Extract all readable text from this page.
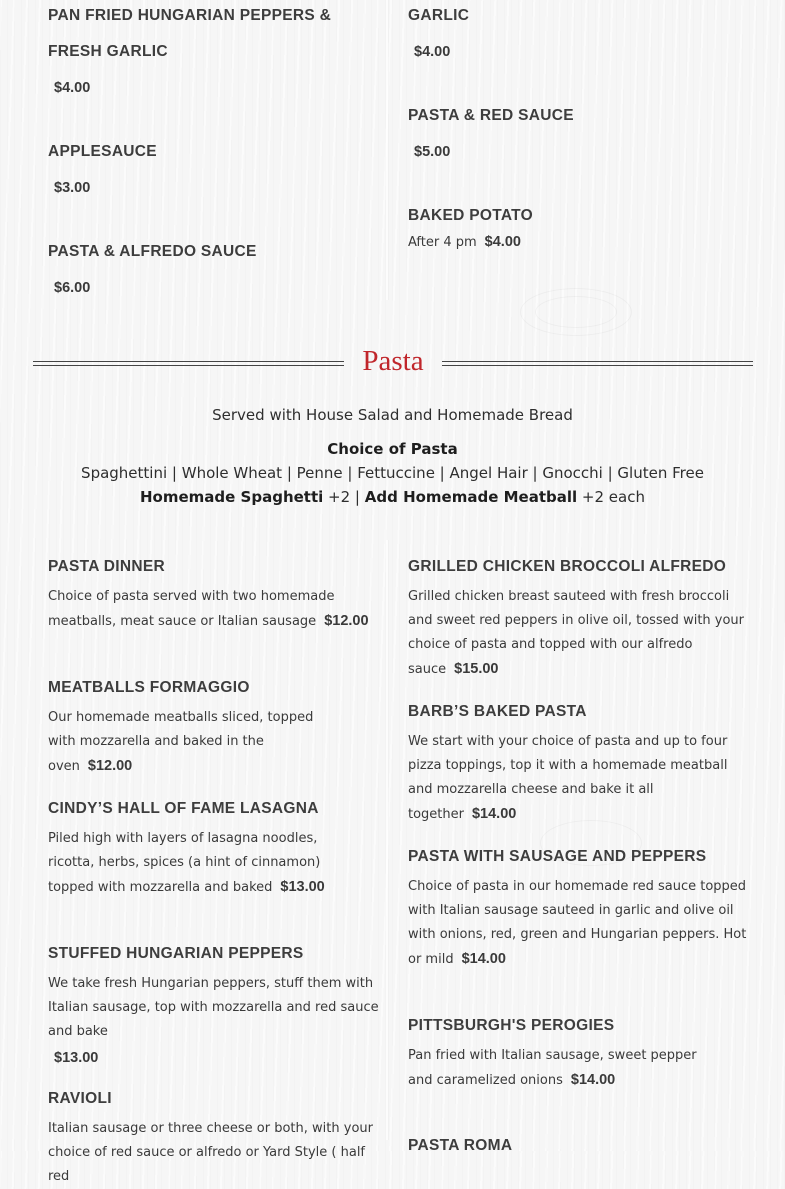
PAN FRIED HUNGARIAN PEPPERS & FRESH GARLIC

$4.00

APPLESAUCE

$3.00

PASTA & ALFREDO SAUCE

$6.00

GARLIC

$4.00

PASTA & RED SAUCE

$5.00

BAKED POTATO

After 4 pm $4.00

Pasta
Served with House Salad and Homemade Bread
Choice of Pasta
Spaghettini | Whole Wheat | Penne | Fettuccine | Angel Hair | Gnocchi | Gluten Free
Homemade Spaghetti +2 | Add Homemade Meatball +2 each

PASTA DINNER

Choice of pasta served with two homemade meatballs, meat sauce or Italian sausage $12.00

MEATBALLS FORMAGGIO

Our homemade meatballs sliced, topped with mozzarella and baked in the oven $12.00

CINDY’S HALL OF FAME LASAGNA

Piled high with layers of lasagna noodles, ricotta, herbs, spices (a hint of cinnamon) topped with mozzarella and baked $13.00

STUFFED HUNGARIAN PEPPERS

We take fresh Hungarian peppers, stuff them with Italian sausage, top with mozzarella and red sauce and bake

$13.00

RAVIOLI

Italian sausage or three cheese or both, with your choice of red sauce or alfredo or Yard Style ( half red

GRILLED CHICKEN BROCCOLI ALFREDO

Grilled chicken breast sauteed with fresh broccoli and sweet red peppers in olive oil, tossed with your choice of pasta and topped with our alfredo sauce $15.00

BARB’S BAKED PASTA

We start with your choice of pasta and up to four pizza toppings, top it with a homemade meatball and mozzarella cheese and bake it all together $14.00

PASTA WITH SAUSAGE AND PEPPERS

Choice of pasta in our homemade red sauce topped with Italian sausage sauteed in garlic and olive oil with onions, red, green and Hungarian peppers. Hot or mild $14.00

PITTSBURGH'S PEROGIES

Pan fried with Italian sausage, sweet pepper and caramelized onions $14.00

PASTA ROMA
